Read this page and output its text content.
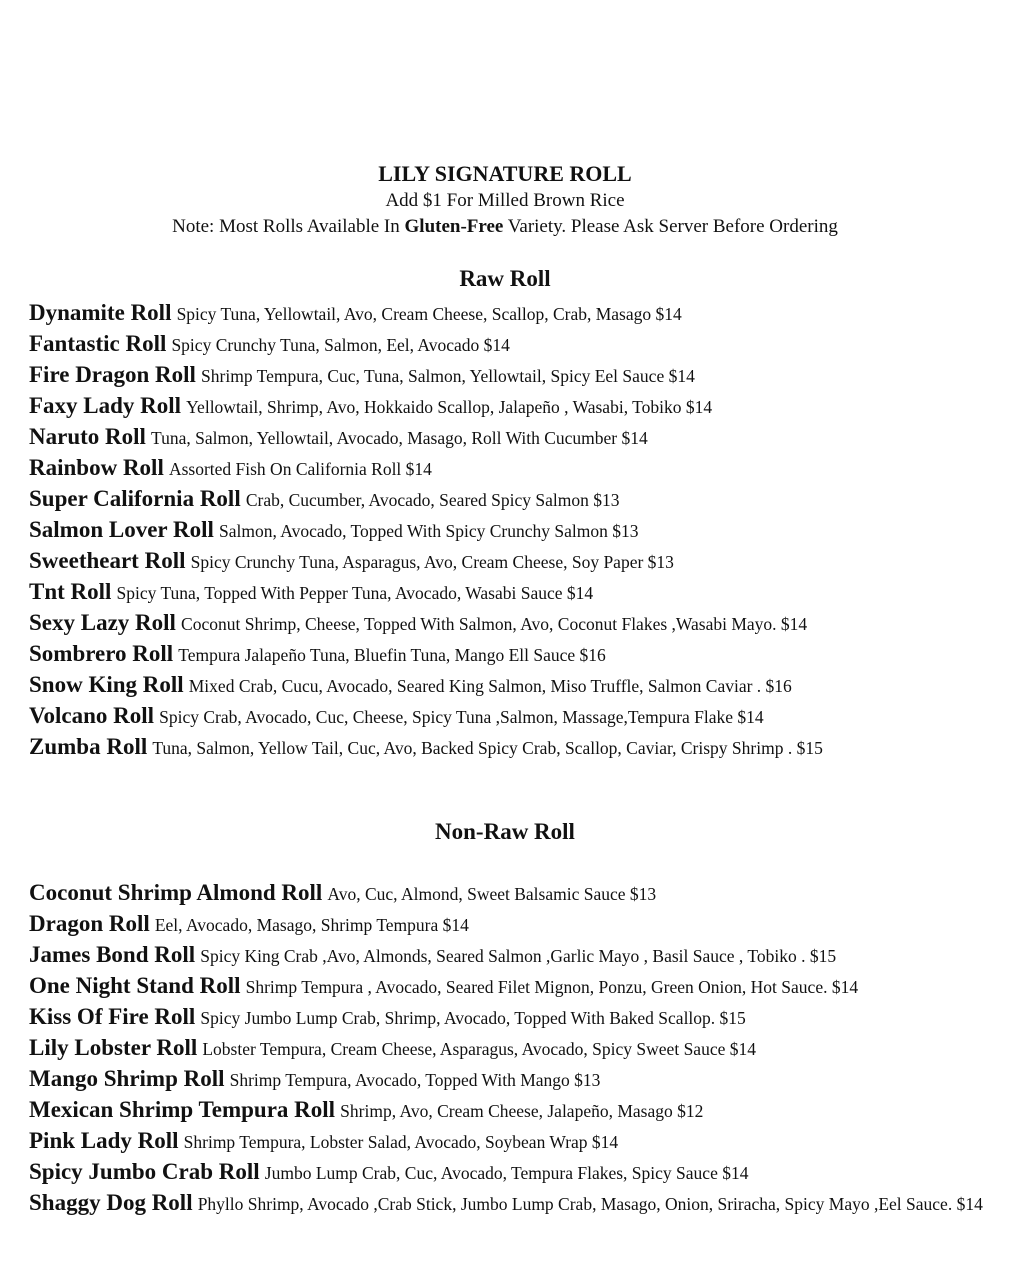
LILY SIGNATURE ROLL

Add $1 For Milled Brown Rice

Note: Most Rolls Available In Gluten-Free Variety. Please Ask Server Before Ordering

Raw Roll

Dynamite Roll Spicy Tuna, Yellowtail, Avo, Cream Cheese, Scallop, Crab, Masago $14
Fantastic Roll Spicy Crunchy Tuna, Salmon, Eel, Avocado $14
Fire Dragon Roll Shrimp Tempura, Cuc, Tuna, Salmon, Yellowtail, Spicy Eel Sauce $14
Faxy Lady Roll Yellowtail, Shrimp, Avo, Hokkaido Scallop, Jalapeño , Wasabi, Tobiko $14
Naruto Roll Tuna, Salmon, Yellowtail, Avocado, Masago, Roll With Cucumber $14
Rainbow Roll Assorted Fish On California Roll $14
Super California Roll Crab, Cucumber, Avocado, Seared Spicy Salmon $13
Salmon Lover Roll Salmon, Avocado, Topped With Spicy Crunchy Salmon $13
Sweetheart Roll Spicy Crunchy Tuna, Asparagus, Avo, Cream Cheese, Soy Paper $13
Tnt Roll Spicy Tuna, Topped With Pepper Tuna, Avocado, Wasabi Sauce $14
Sexy Lazy Roll Coconut Shrimp, Cheese, Topped With Salmon, Avo, Coconut Flakes ,Wasabi Mayo. $14
Sombrero Roll Tempura Jalapeño Tuna, Bluefin Tuna, Mango Ell Sauce $16
Snow King Roll Mixed Crab, Cucu, Avocado, Seared King Salmon, Miso Truffle, Salmon Caviar . $16
Volcano Roll Spicy Crab, Avocado, Cuc, Cheese, Spicy Tuna ,Salmon, Massage,Tempura Flake $14
Zumba Roll Tuna, Salmon, Yellow Tail, Cuc, Avo, Backed Spicy Crab, Scallop, Caviar, Crispy Shrimp . $15

Non-Raw Roll

Coconut Shrimp Almond Roll Avo, Cuc, Almond, Sweet Balsamic Sauce $13
Dragon Roll Eel, Avocado, Masago, Shrimp Tempura $14
James Bond Roll Spicy King Crab ,Avo, Almonds, Seared Salmon ,Garlic Mayo , Basil Sauce , Tobiko . $15
One Night Stand Roll Shrimp Tempura , Avocado, Seared Filet Mignon, Ponzu, Green Onion, Hot Sauce. $14
Kiss Of Fire Roll Spicy Jumbo Lump Crab, Shrimp, Avocado, Topped With Baked Scallop. $15
Lily Lobster Roll Lobster Tempura, Cream Cheese, Asparagus, Avocado, Spicy Sweet Sauce $14
Mango Shrimp Roll Shrimp Tempura, Avocado, Topped With Mango $13
Mexican Shrimp Tempura Roll Shrimp, Avo, Cream Cheese, Jalapeño, Masago $12
Pink Lady Roll Shrimp Tempura, Lobster Salad, Avocado, Soybean Wrap $14
Spicy Jumbo Crab Roll Jumbo Lump Crab, Cuc, Avocado, Tempura Flakes, Spicy Sauce $14
Shaggy Dog Roll Phyllo Shrimp, Avocado ,Crab Stick, Jumbo Lump Crab, Masago, Onion, Sriracha, Spicy Mayo ,Eel Sauce. $14
